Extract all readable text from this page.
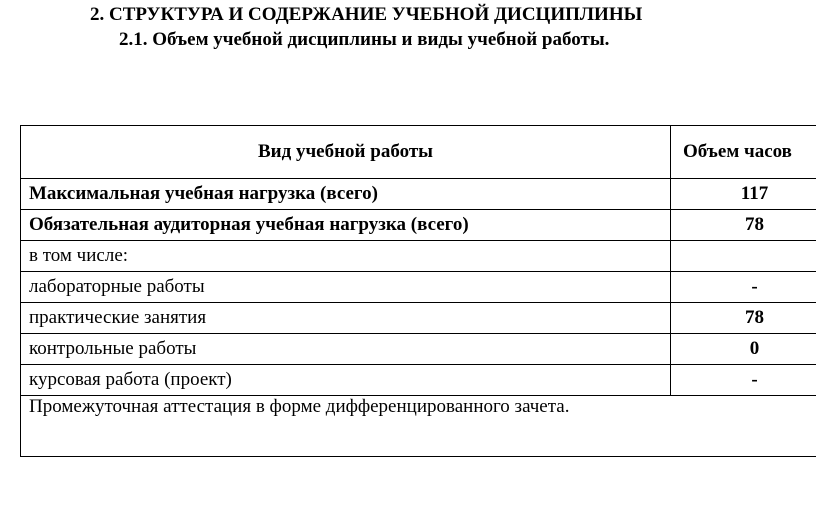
2. СТРУКТУРА И СОДЕРЖАНИЕ УЧЕБНОЙ ДИСЦИПЛИНЫ
2.1. Объем учебной дисциплины и виды учебной работы.
Вид учебной работы	Объем часов
Максимальная учебная нагрузка (всего)	117
Обязательная аудиторная учебная нагрузка (всего)	78
в том числе:	
лабораторные работы	-
практические занятия	78
контрольные работы	0
курсовая работа (проект)	-
Промежуточная аттестация в форме дифференцированного зачета.	
